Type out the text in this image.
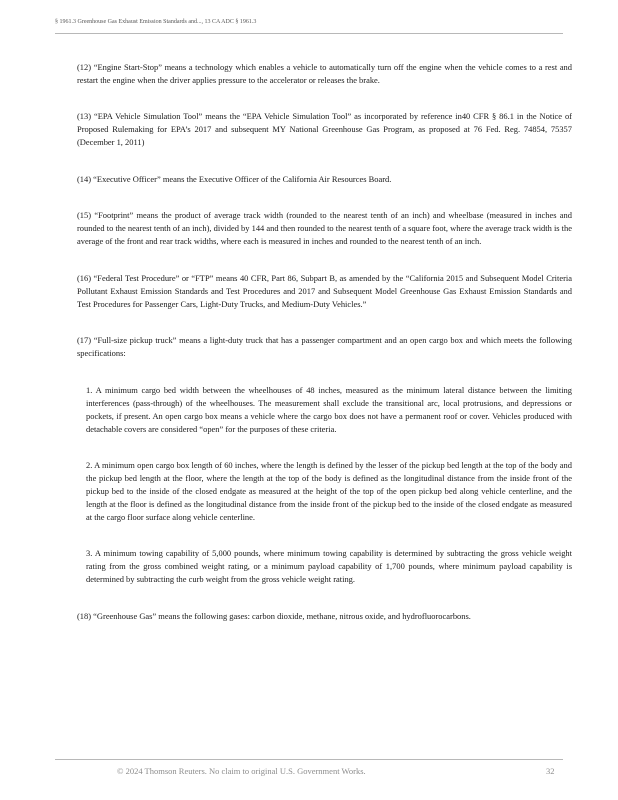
§ 1961.3 Greenhouse Gas Exhaust Emission Standards and..., 13 CA ADC § 1961.3

(12) “Engine Start-Stop” means a technology which enables a vehicle to automatically turn off the engine when the vehicle comes to a rest and restart the engine when the driver applies pressure to the accelerator or releases the brake.

(13) “EPA Vehicle Simulation Tool” means the “EPA Vehicle Simulation Tool” as incorporated by reference in40 CFR § 86.1 in the Notice of Proposed Rulemaking for EPA’s 2017 and subsequent MY National Greenhouse Gas Program, as proposed at 76 Fed. Reg. 74854, 75357 (December 1, 2011)

(14) “Executive Officer” means the Executive Officer of the California Air Resources Board.

(15) “Footprint” means the product of average track width (rounded to the nearest tenth of an inch) and wheelbase (measured in inches and rounded to the nearest tenth of an inch), divided by 144 and then rounded to the nearest tenth of a square foot, where the average track width is the average of the front and rear track widths, where each is measured in inches and rounded to the nearest tenth of an inch.

(16) “Federal Test Procedure” or “FTP” means 40 CFR, Part 86, Subpart B, as amended by the “California 2015 and Subsequent Model Criteria Pollutant Exhaust Emission Standards and Test Procedures and 2017 and Subsequent Model Greenhouse Gas Exhaust Emission Standards and Test Procedures for Passenger Cars, Light-Duty Trucks, and Medium-Duty Vehicles.”

(17) “Full-size pickup truck” means a light-duty truck that has a passenger compartment and an open cargo box and which meets the following specifications:

1. A minimum cargo bed width between the wheelhouses of 48 inches, measured as the minimum lateral distance between the limiting interferences (pass-through) of the wheelhouses. The measurement shall exclude the transitional arc, local protrusions, and depressions or pockets, if present. An open cargo box means a vehicle where the cargo box does not have a permanent roof or cover. Vehicles produced with detachable covers are considered “open” for the purposes of these criteria.

2. A minimum open cargo box length of 60 inches, where the length is defined by the lesser of the pickup bed length at the top of the body and the pickup bed length at the floor, where the length at the top of the body is defined as the longitudinal distance from the inside front of the pickup bed to the inside of the closed endgate as measured at the height of the top of the open pickup bed along vehicle centerline, and the length at the floor is defined as the longitudinal distance from the inside front of the pickup bed to the inside of the closed endgate as measured at the cargo floor surface along vehicle centerline.

3. A minimum towing capability of 5,000 pounds, where minimum towing capability is determined by subtracting the gross vehicle weight rating from the gross combined weight rating, or a minimum payload capability of 1,700 pounds, where minimum payload capability is determined by subtracting the curb weight from the gross vehicle weight rating.

(18) “Greenhouse Gas” means the following gases: carbon dioxide, methane, nitrous oxide, and hydrofluorocarbons.

© 2024 Thomson Reuters. No claim to original U.S. Government Works.	32
